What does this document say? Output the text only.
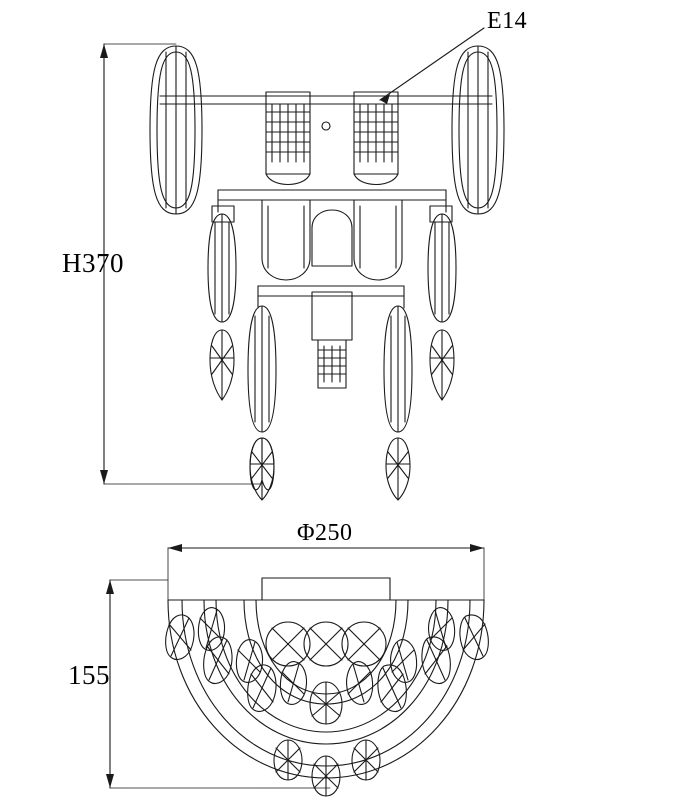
H370
E14
Φ250
155
